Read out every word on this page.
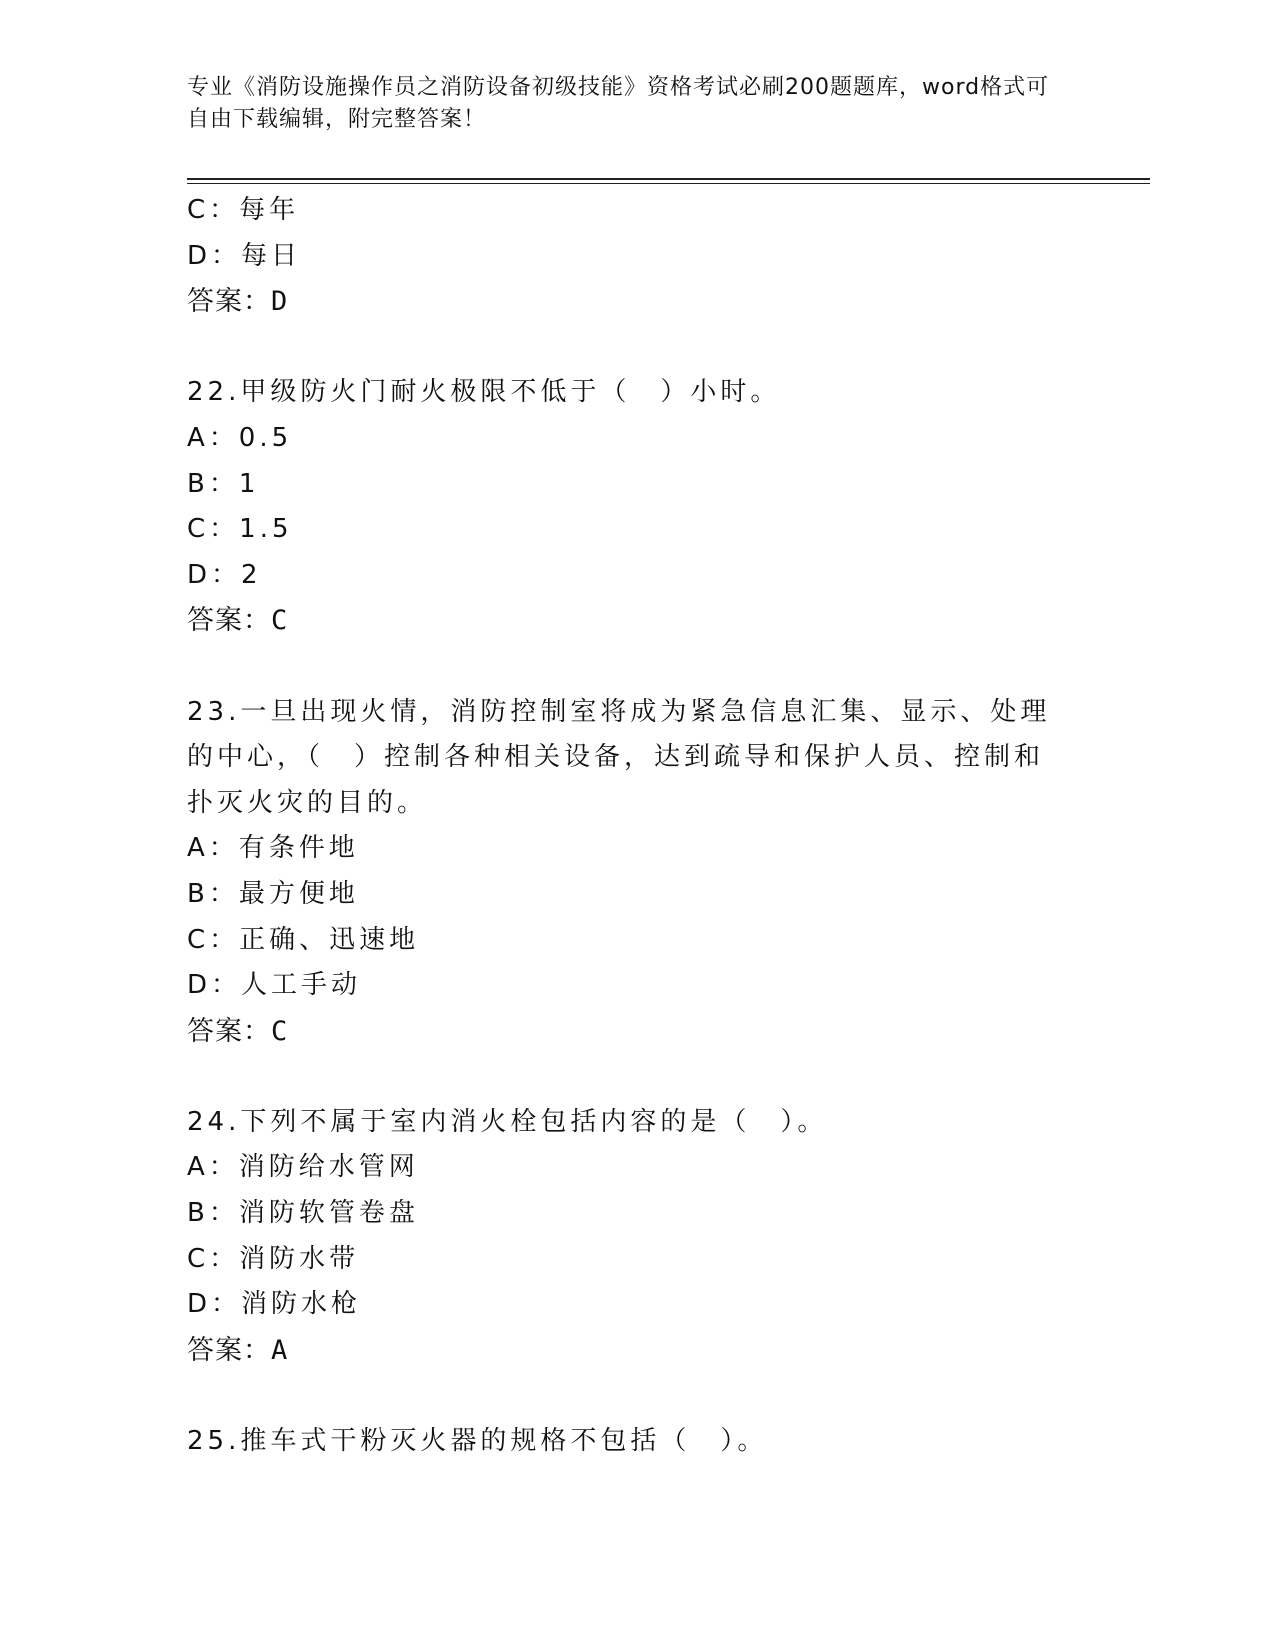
专业《消防设施操作员之消防设备初级技能》资格考试必刷200题题库，word格式可自由下载编辑，附完整答案！
C：每年
D：每日
答案：D
22.甲级防火门耐火极限不低于（　）小时。
A：0.5
B：1
C：1.5
D：2
答案：C
23.一旦出现火情，消防控制室将成为紧急信息汇集、显示、处理的中心，（　）控制各种相关设备，达到疏导和保护人员、控制和扑灭火灾的目的。
A：有条件地
B：最方便地
C：正确、迅速地
D：人工手动
答案：C
24.下列不属于室内消火栓包括内容的是（　）。
A：消防给水管网
B：消防软管卷盘
C：消防水带
D：消防水枪
答案：A
25.推车式干粉灭火器的规格不包括（　）。
